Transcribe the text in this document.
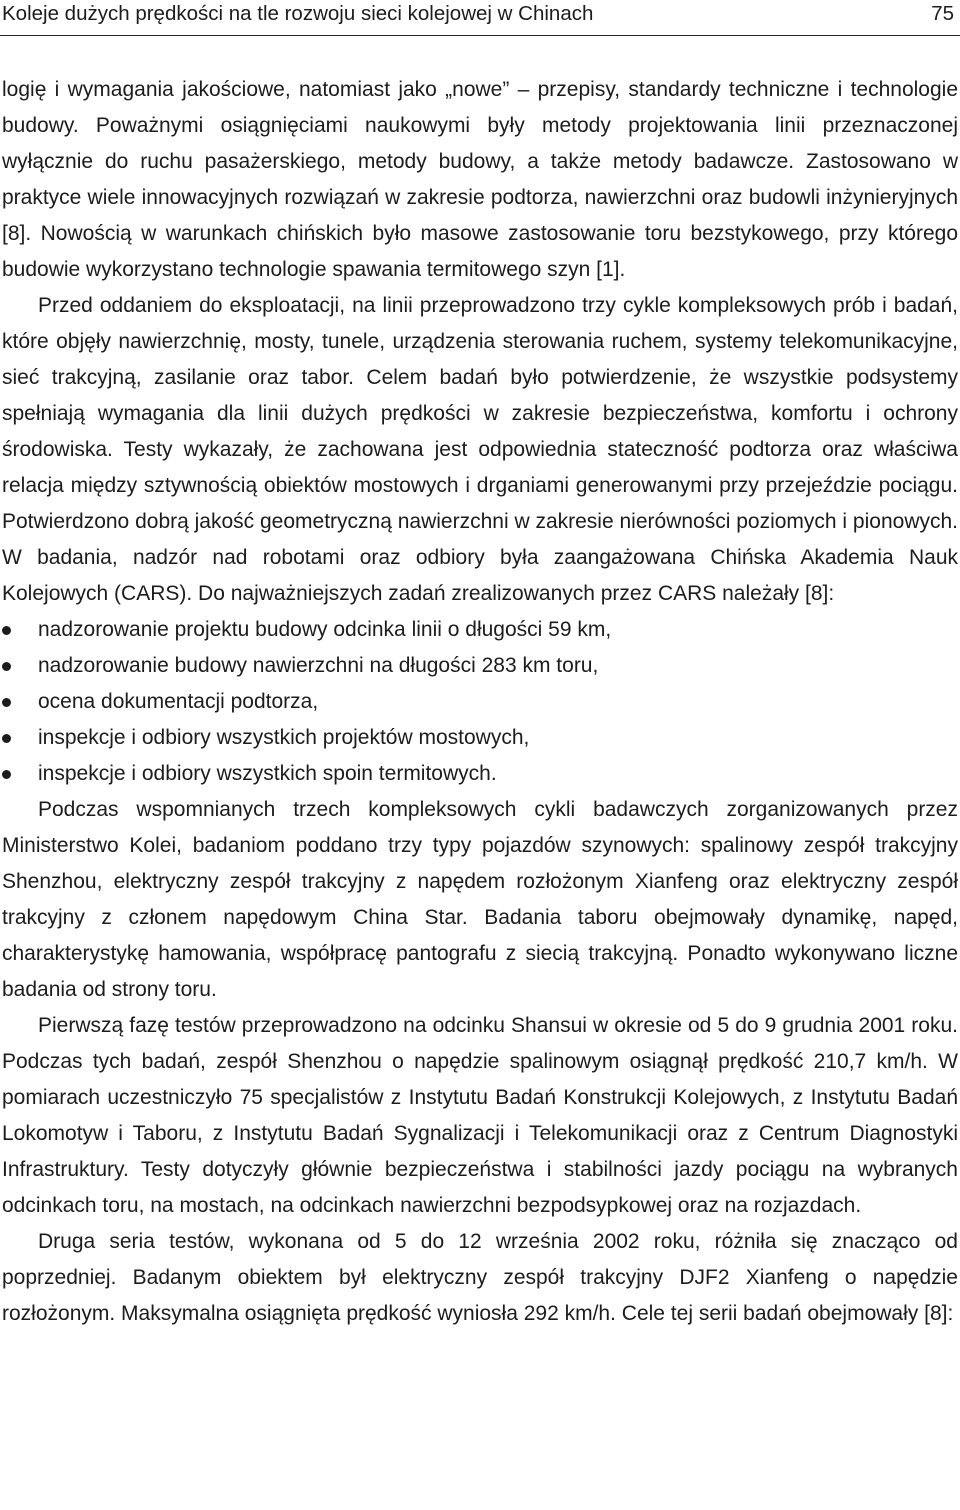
Koleje dużych prędkości na tle rozwoju sieci kolejowej w Chinach	75

logię i wymagania jakościowe, natomiast jako „nowe” – przepisy, standardy techniczne i technologie budowy. Poważnymi osiągnięciami naukowymi były metody projektowania linii przeznaczonej wyłącznie do ruchu pasażerskiego, metody budowy, a także metody badawcze. Zastosowano w praktyce wiele innowacyjnych rozwiązań w zakresie podtorza, nawierzchni oraz budowli inżynieryjnych [8]. Nowością w warunkach chińskich było masowe zastosowanie toru bezstykowego, przy którego budowie wykorzystano technologie spawania termitowego szyn [1].

Przed oddaniem do eksploatacji, na linii przeprowadzono trzy cykle kompleksowych prób i badań, które objęły nawierzchnię, mosty, tunele, urządzenia sterowania ruchem, systemy telekomunikacyjne, sieć trakcyjną, zasilanie oraz tabor. Celem badań było potwierdzenie, że wszystkie podsystemy spełniają wymagania dla linii dużych prędkości w zakresie bezpieczeństwa, komfortu i ochrony środowiska. Testy wykazały, że zachowana jest odpowiednia stateczność podtorza oraz właściwa relacja między sztywnością obiektów mostowych i drganiami generowanymi przy przejeździe pociągu. Potwierdzono dobrą jakość geometryczną nawierzchni w zakresie nierówności poziomych i pionowych. W badania, nadzór nad robotami oraz odbiory była zaangażowana Chińska Akademia Nauk Kolejowych (CARS). Do najważniejszych zadań zrealizowanych przez CARS należały [8]:

nadzorowanie projektu budowy odcinka linii o długości 59 km,
nadzorowanie budowy nawierzchni na długości 283 km toru,
ocena dokumentacji podtorza,
inspekcje i odbiory wszystkich projektów mostowych,
inspekcje i odbiory wszystkich spoin termitowych.

Podczas wspomnianych trzech kompleksowych cykli badawczych zorganizowanych przez Ministerstwo Kolei, badaniom poddano trzy typy pojazdów szynowych: spalinowy zespół trakcyjny Shenzhou, elektryczny zespół trakcyjny z napędem rozłożonym Xianfeng oraz elektryczny zespół trakcyjny z członem napędowym China Star. Badania taboru obejmowały dynamikę, napęd, charakterystykę hamowania, współpracę pantografu z siecią trakcyjną. Ponadto wykonywano liczne badania od strony toru.

Pierwszą fazę testów przeprowadzono na odcinku Shansui w okresie od 5 do 9 grudnia 2001 roku. Podczas tych badań, zespół Shenzhou o napędzie spalinowym osiągnął prędkość 210,7 km/h. W pomiarach uczestniczyło 75 specjalistów z Instytutu Badań Konstrukcji Kolejowych, z Instytutu Badań Lokomotyw i Taboru, z Instytutu Badań Sygnalizacji i Telekomunikacji oraz z Centrum Diagnostyki Infrastruktury. Testy dotyczyły głównie bezpieczeństwa i stabilności jazdy pociągu na wybranych odcinkach toru, na mostach, na odcinkach nawierzchni bezpodsypkowej oraz na rozjazdach.

Druga seria testów, wykonana od 5 do 12 września 2002 roku, różniła się znacząco od poprzedniej. Badanym obiektem był elektryczny zespół trakcyjny DJF2 Xianfeng o napędzie rozłożonym. Maksymalna osiągnięta prędkość wyniosła 292 km/h. Cele tej serii badań obejmowały [8]:
